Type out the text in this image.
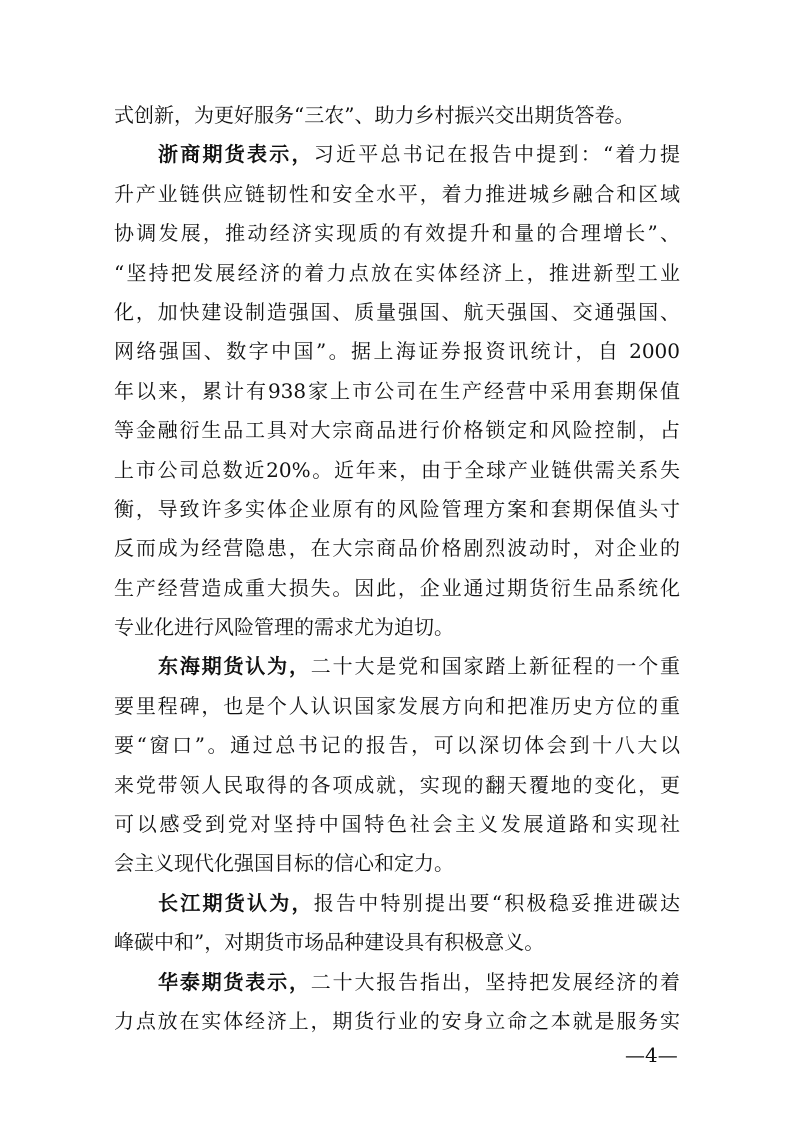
式创新，为更好服务“三农”、助力乡村振兴交出期货答卷。
浙商期货表示，习近平总书记在报告中提到：“着力提
升产业链供应链韧性和安全水平，着力推进城乡融合和区域
协调发展，推动经济实现质的有效提升和量的合理增长”、
“坚持把发展经济的着力点放在实体经济上，推进新型工业
化，加快建设制造强国、质量强国、航天强国、交通强国、
网络强国、数字中国”。据上海证券报资讯统计，自 2000
年以来，累计有938家上市公司在生产经营中采用套期保值
等金融衍生品工具对大宗商品进行价格锁定和风险控制，占
上市公司总数近20%。近年来，由于全球产业链供需关系失
衡，导致许多实体企业原有的风险管理方案和套期保值头寸
反而成为经营隐患，在大宗商品价格剧烈波动时，对企业的
生产经营造成重大损失。因此，企业通过期货衍生品系统化
专业化进行风险管理的需求尤为迫切。
东海期货认为，二十大是党和国家踏上新征程的一个重
要里程碑，也是个人认识国家发展方向和把准历史方位的重
要“窗口”。通过总书记的报告，可以深切体会到十八大以
来党带领人民取得的各项成就，实现的翻天覆地的变化，更
可以感受到党对坚持中国特色社会主义发展道路和实现社
会主义现代化强国目标的信心和定力。
长江期货认为，报告中特别提出要“积极稳妥推进碳达
峰碳中和”，对期货市场品种建设具有积极意义。
华泰期货表示，二十大报告指出，坚持把发展经济的着
力点放在实体经济上，期货行业的安身立命之本就是服务实
—4—
